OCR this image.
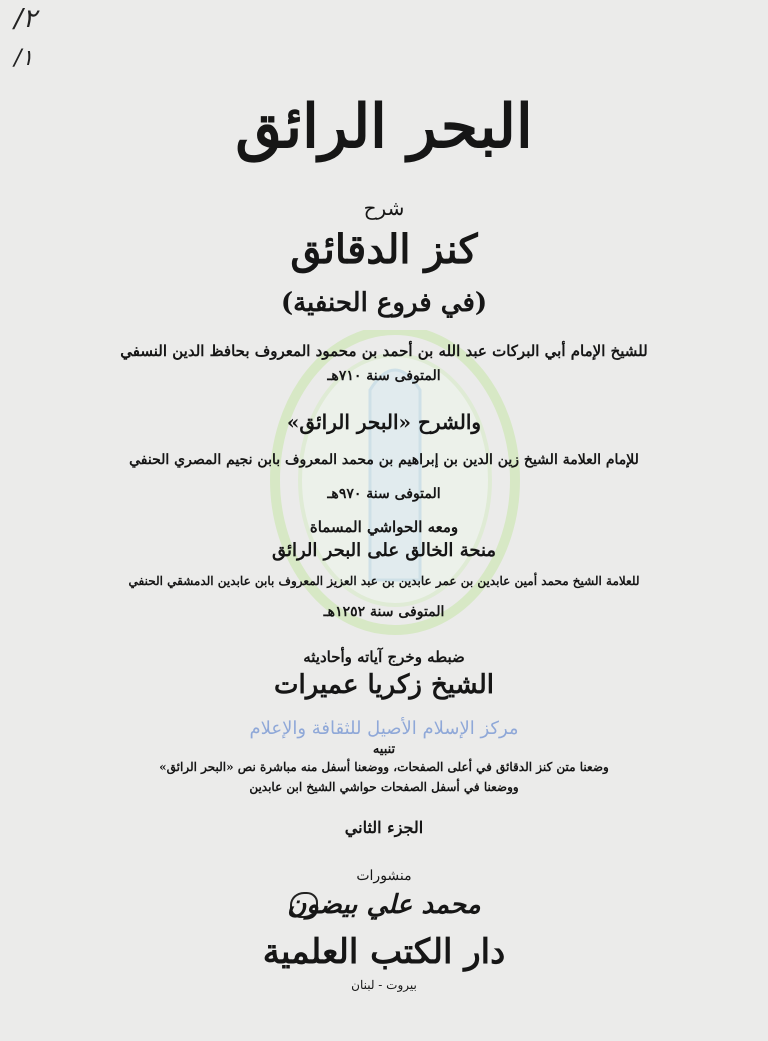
٢/
١/
البحر الرائق
شرح
كنز الدقائق
(في فروع الحنفية)
للشيخ الإمام أبي البركات عبد الله بن أحمد بن محمود المعروف بحافظ الدين النسفي
المتوفى سنة ٧١٠هـ
والشرح «البحر الرائق»
للإمام العلامة الشيخ زين الدين بن إبراهيم بن محمد المعروف بابن نجيم المصري الحنفي
المتوفى سنة ٩٧٠هـ
ومعه الحواشي المسماة
منحة الخالق على البحر الرائق
للعلامة الشيخ محمد أمين عابدين بن عمر عابدين بن عبد العزيز المعروف بابن عابدين الدمشقي الحنفي
المتوفى سنة ١٢٥٢هـ
ضبطه وخرج آياته وأحاديثه
الشيخ زكريا عميرات
مركز الإسلام الأصيل للثقافة والإعلام
تنبيه
وضعنا متن كنز الدقائق في أعلى الصفحات، ووضعنا أسفل منه مباشرة نص «البحر الرائق»
ووضعنا في أسفل الصفحات حواشي الشيخ ابن عابدين
الجزء الثاني
منشورات
محمد علي بيضون
دار الكتب العلمية
بيروت - لبنان
